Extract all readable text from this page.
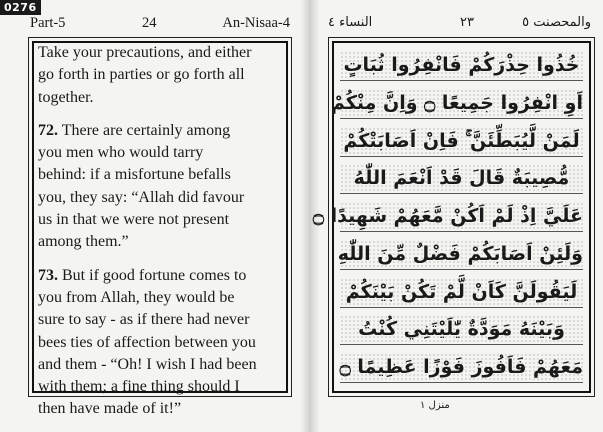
0276
Part-5	24	An-Nisaa-4

Take your precautions, and either
go forth in parties or go forth all
together.

72. There are certainly among
you men who would tarry
behind: if a misfortune befalls
you, they say: “Allah did favour
us in that we were not present
among them.”

73. But if good fortune comes to
you from Allah, they would be
sure to say - as if there had never
bees ties of affection between you
and them - “Oh! I wish I had been
with them; a fine thing should I
then have made of it!”

والمحصنت ٥
٢٣
النساء ٤
خُذُوا حِذْرَكُمْ فَانْفِرُوا ثُبَاتٍ
اَوِ انْفِرُوا جَمِيعًا ۝ وَاِنَّ مِنْكُمْ
لَمَنْ لَّيُبَطِّئَنَّ ۚ فَاِنْ اَصَابَتْكُمْ
مُّصِيبَةٌ قَالَ قَدْ اَنْعَمَ اللّٰهُ
عَلَيَّ اِذْ لَمْ اَكُنْ مَّعَهُمْ شَهِيدًا ۝
وَلَئِنْ اَصَابَكُمْ فَضْلٌ مِّنَ اللّٰهِ
لَيَقُولَنَّ كَاَنْ لَّمْ تَكُنْ بَيْنَكُمْ
وَبَيْنَهُ مَوَدَّةٌ يّٰلَيْتَنِي كُنْتُ
مَعَهُمْ فَاَفُوزَ فَوْزًا عَظِيمًا ۝
منزل ١
